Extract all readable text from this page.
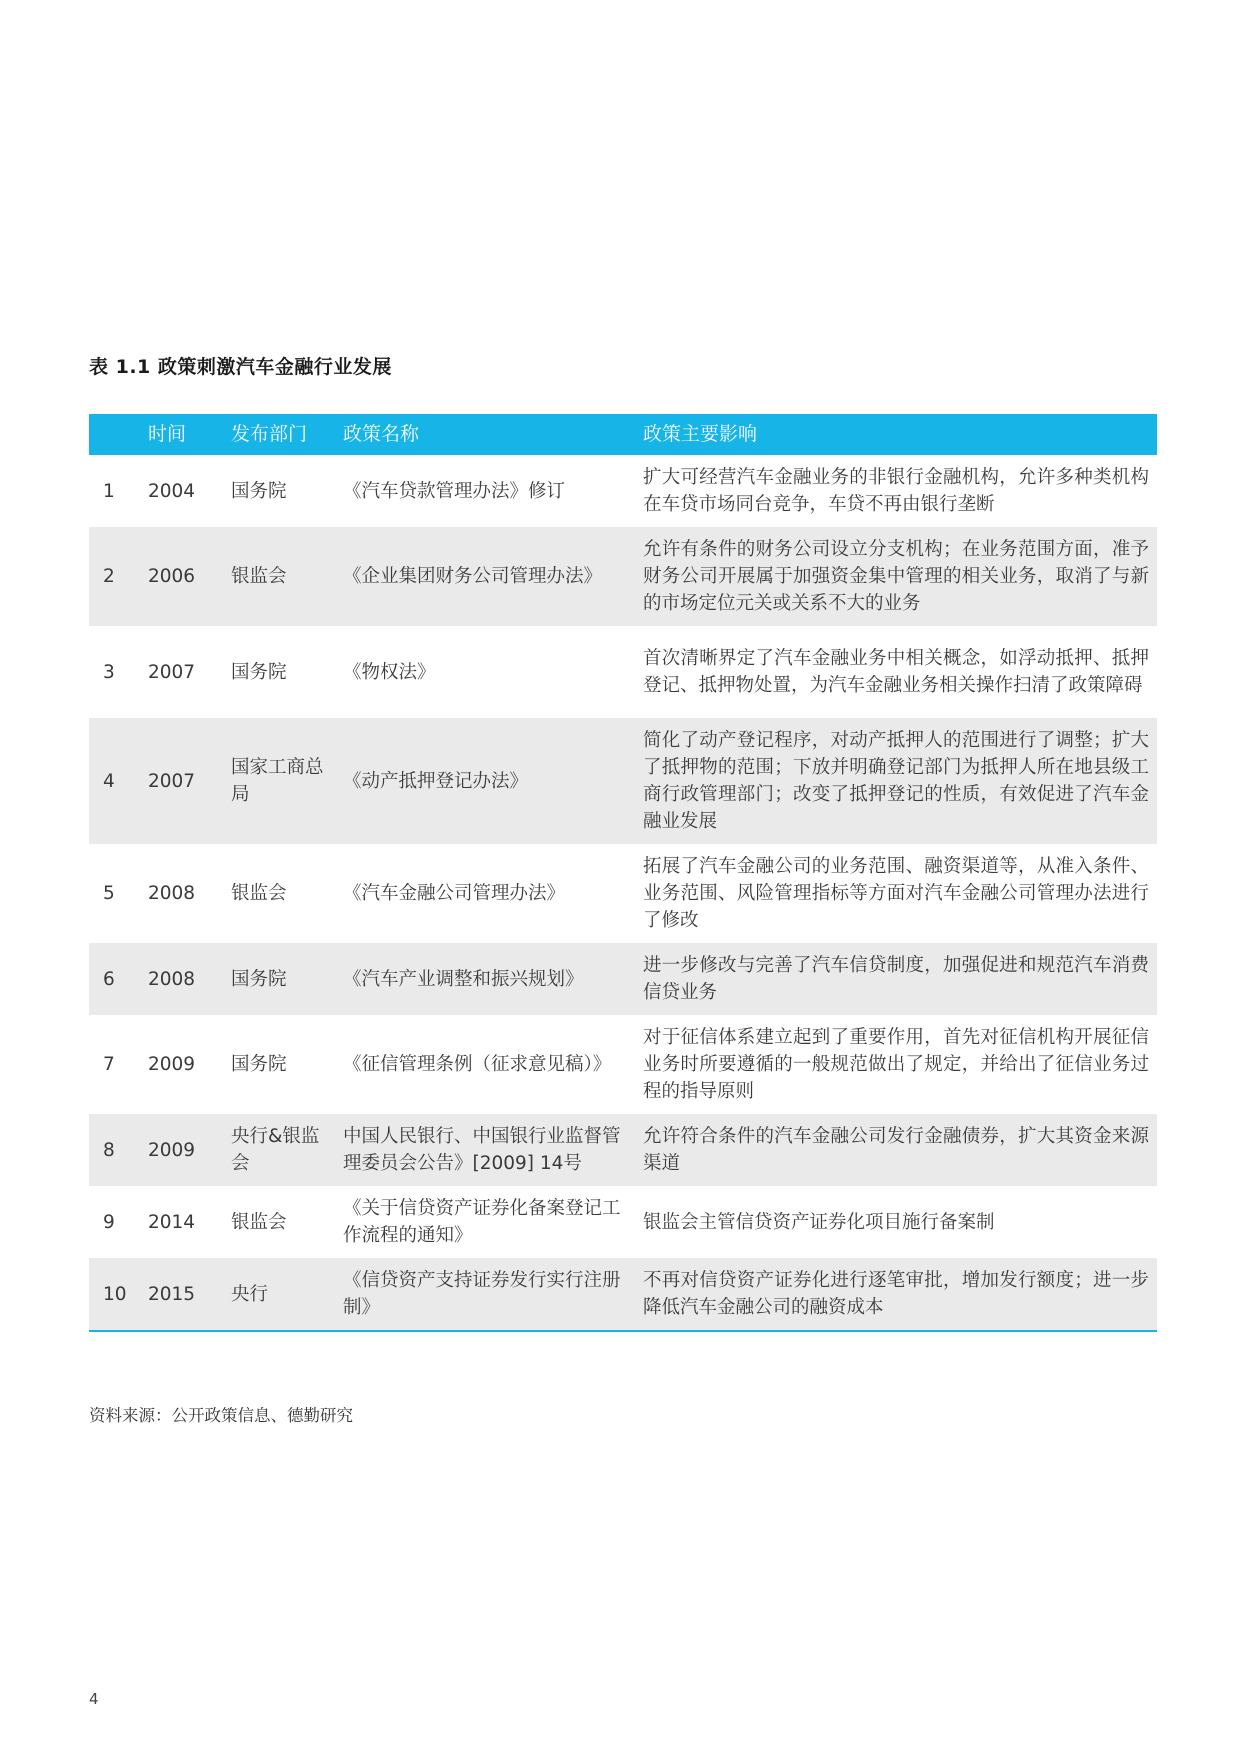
表 1.1 政策刺激汽车金融行业发展
	时间	发布部门	政策名称	政策主要影响
1	2004	国务院	《汽车贷款管理办法》修订	扩大可经营汽车金融业务的非银行金融机构，允许多种类机构在车贷市场同台竞争，车贷不再由银行垄断
2	2006	银监会	《企业集团财务公司管理办法》	允许有条件的财务公司设立分支机构；在业务范围方面，准予财务公司开展属于加强资金集中管理的相关业务，取消了与新的市场定位元关或关系不大的业务
3	2007	国务院	《物权法》	首次清晰界定了汽车金融业务中相关概念，如浮动抵押、抵押登记、抵押物处置，为汽车金融业务相关操作扫清了政策障碍
4	2007	国家工商总局	《动产抵押登记办法》	简化了动产登记程序，对动产抵押人的范围进行了调整；扩大了抵押物的范围；下放并明确登记部门为抵押人所在地县级工商行政管理部门；改变了抵押登记的性质，有效促进了汽车金融业发展
5	2008	银监会	《汽车金融公司管理办法》	拓展了汽车金融公司的业务范围、融资渠道等，从准入条件、业务范围、风险管理指标等方面对汽车金融公司管理办法进行了修改
6	2008	国务院	《汽车产业调整和振兴规划》	进一步修改与完善了汽车信贷制度，加强促进和规范汽车消费信贷业务
7	2009	国务院	《征信管理条例（征求意见稿）》	对于征信体系建立起到了重要作用，首先对征信机构开展征信业务时所要遵循的一般规范做出了规定，并给出了征信业务过程的指导原则
8	2009	央行&银监会	中国人民银行、中国银行业监督管理委员会公告》[2009] 14号	允许符合条件的汽车金融公司发行金融债券，扩大其资金来源渠道
9	2014	银监会	《关于信贷资产证券化备案登记工作流程的通知》	银监会主管信贷资产证券化项目施行备案制
10	2015	央行	《信贷资产支持证券发行实行注册制》	不再对信贷资产证券化进行逐笔审批，增加发行额度；进一步降低汽车金融公司的融资成本
资料来源：公开政策信息、德勤研究
4
